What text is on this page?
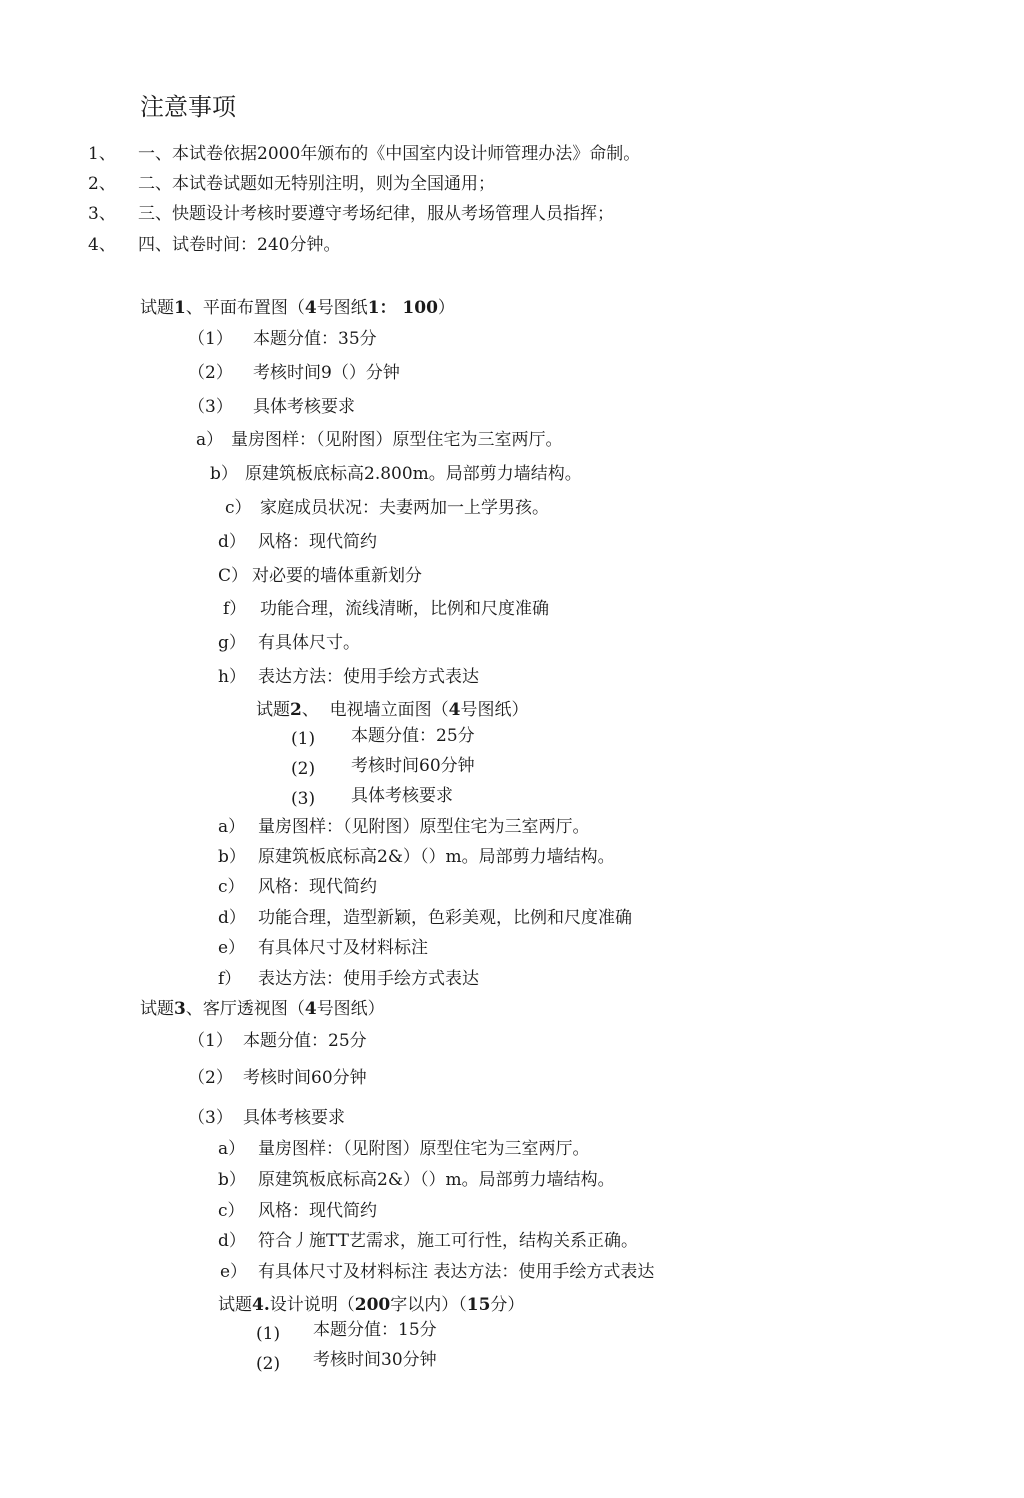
注意事项
1、 一、本试卷依据2000年颁布的《中国室内设计师管理办法》命制。
2、 二、本试卷试题如无特别注明，则为全国通用；
3、 三、快题设计考核时要遵守考场纪律，服从考场管理人员指挥；
4、 四、试卷时间：240分钟。
试题1、平面布置图（4号图纸1： 100）
（1） 本题分值：35分
（2） 考核时间9（）分钟
（3） 具体考核要求
a） 量房图样：（见附图）原型住宅为三室两厅。
b） 原建筑板底标高2.800m。局部剪力墙结构。
c） 家庭成员状况：夫妻两加一上学男孩。
d） 风格：现代简约
C） 对必要的墙体重新划分
f） 功能合理，流线清晰，比例和尺度准确
g） 有具体尺寸。
h） 表达方法：使用手绘方式表达
试题2、 电视墙立面图（4号图纸）
(1) 本题分值：25分
(2) 考核时间60分钟
(3) 具体考核要求
a） 量房图样：（见附图）原型住宅为三室两厅。
b） 原建筑板底标高2&）（）m。局部剪力墙结构。
c） 风格：现代简约
d） 功能合理，造型新颖，色彩美观，比例和尺度准确
e） 有具体尺寸及材料标注
f） 表达方法：使用手绘方式表达
试题3、客厅透视图（4号图纸）
（1） 本题分值：25分
（2） 考核时间60分钟
（3） 具体考核要求
a） 量房图样：（见附图）原型住宅为三室两厅。
b） 原建筑板底标高2&）（）m。局部剪力墙结构。
c） 风格：现代简约
d） 符合丿施TT艺需求，施工可行性，结构关系正确。
e） 有具体尺寸及材料标注 表达方法：使用手绘方式表达
试题4.设计说明（200字以内）（15分）
(1) 本题分值：15分
(2) 考核时间30分钟
